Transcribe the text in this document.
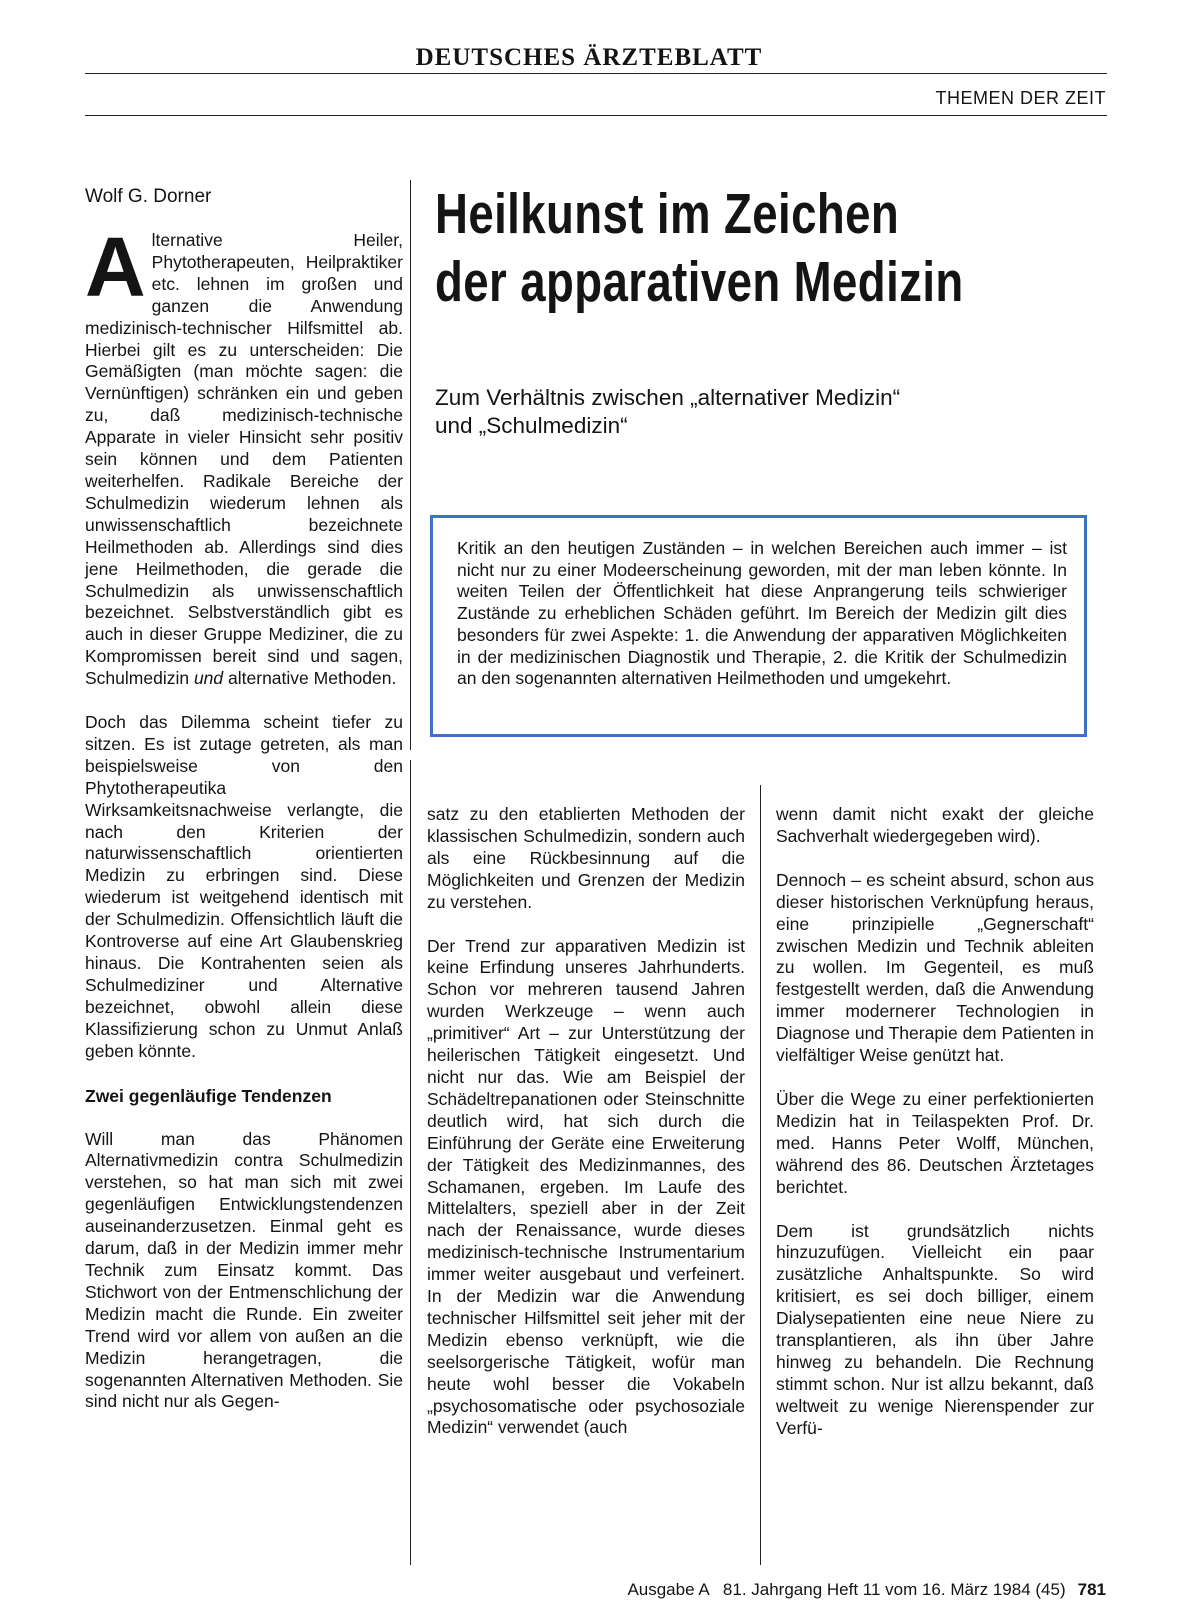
DEUTSCHES ÄRZTEBLATT
THEMEN DER ZEIT
Wolf G. Dorner	Heilkunst im Zeichen
der apparativen Medizin
Zum Verhältnis zwischen „alternativer Medizin“
und „Schulmedizin“
Kritik an den heutigen Zuständen – in welchen Bereichen auch immer – ist nicht nur zu einer Modeerscheinung geworden, mit der man leben könnte. In weiten Teilen der Öffentlichkeit hat diese Anprangerung teils schwieriger Zustände zu erheblichen Schäden geführt. Im Bereich der Medizin gilt dies besonders für zwei Aspekte: 1. die Anwendung der apparativen Möglichkeiten in der medizinischen Diagnostik und Therapie, 2. die Kritik der Schulmedizin an den sogenannten alternativen Heilmethoden und umgekehrt.

Alternative Heiler, Phytotherapeuten, Heilpraktiker etc. lehnen im großen und ganzen die Anwendung medizinisch-technischer Hilfsmittel ab. Hierbei gilt es zu unterscheiden: Die Gemäßigten (man möchte sagen: die Vernünftigen) schränken ein und geben zu, daß medizinisch-technische Apparate in vieler Hinsicht sehr positiv sein können und dem Patienten weiterhelfen. Radikale Bereiche der Schulmedizin wiederum lehnen als unwissenschaftlich bezeichnete Heilmethoden ab. Allerdings sind dies jene Heilmethoden, die gerade die Schulmedizin als unwissenschaftlich bezeichnet. Selbstverständlich gibt es auch in dieser Gruppe Mediziner, die zu Kompromissen bereit sind und sagen, Schulmedizin und alternative Methoden.

Doch das Dilemma scheint tiefer zu sitzen. Es ist zutage getreten, als man beispielsweise von den Phytotherapeutika Wirksamkeitsnachweise verlangte, die nach den Kriterien der naturwissenschaftlich orientierten Medizin zu erbringen sind. Diese wiederum ist weitgehend identisch mit der Schulmedizin. Offensichtlich läuft die Kontroverse auf eine Art Glaubenskrieg hinaus. Die Kontrahenten seien als Schulmediziner und Alternative bezeichnet, obwohl allein diese Klassifizierung schon zu Unmut Anlaß geben könnte.

Zwei gegenläufige Tendenzen

Will man das Phänomen Alternativmedizin contra Schulmedizin verstehen, so hat man sich mit zwei gegenläufigen Entwicklungstendenzen auseinanderzusetzen. Einmal geht es darum, daß in der Medizin immer mehr Technik zum Einsatz kommt. Das Stichwort von der Entmenschlichung der Medizin macht die Runde. Ein zweiter Trend wird vor allem von außen an die Medizin herangetragen, die sogenannten Alternativen Methoden. Sie sind nicht nur als Gegen-

satz zu den etablierten Methoden der klassischen Schulmedizin, sondern auch als eine Rückbesinnung auf die Möglichkeiten und Grenzen der Medizin zu verstehen.

Der Trend zur apparativen Medizin ist keine Erfindung unseres Jahrhunderts. Schon vor mehreren tausend Jahren wurden Werkzeuge – wenn auch „primitiver“ Art – zur Unterstützung der heilerischen Tätigkeit eingesetzt. Und nicht nur das. Wie am Beispiel der Schädeltrepanationen oder Steinschnitte deutlich wird, hat sich durch die Einführung der Geräte eine Erweiterung der Tätigkeit des Medizinmannes, des Schamanen, ergeben. Im Laufe des Mittelalters, speziell aber in der Zeit nach der Renaissance, wurde dieses medizinisch-technische Instrumentarium immer weiter ausgebaut und verfeinert. In der Medizin war die Anwendung technischer Hilfsmittel seit jeher mit der Medizin ebenso verknüpft, wie die seelsorgerische Tätigkeit, wofür man heute wohl besser die Vokabeln „psychosomatische oder psychosoziale Medizin“ verwendet (auch

wenn damit nicht exakt der gleiche Sachverhalt wiedergegeben wird).

Dennoch – es scheint absurd, schon aus dieser historischen Verknüpfung heraus, eine prinzipielle „Gegnerschaft“ zwischen Medizin und Technik ableiten zu wollen. Im Gegenteil, es muß festgestellt werden, daß die Anwendung immer modernerer Technologien in Diagnose und Therapie dem Patienten in vielfältiger Weise genützt hat.

Über die Wege zu einer perfektionierten Medizin hat in Teilaspekten Prof. Dr. med. Hanns Peter Wolff, München, während des 86. Deutschen Ärztetages berichtet.

Dem ist grundsätzlich nichts hinzuzufügen. Vielleicht ein paar zusätzliche Anhaltspunkte. So wird kritisiert, es sei doch billiger, einem Dialysepatienten eine neue Niere zu transplantieren, als ihn über Jahre hinweg zu behandeln. Die Rechnung stimmt schon. Nur ist allzu bekannt, daß weltweit zu wenige Nierenspender zur Verfü-

Ausgabe A   81. Jahrgang Heft 11 vom 16. März 1984 (45) 781
